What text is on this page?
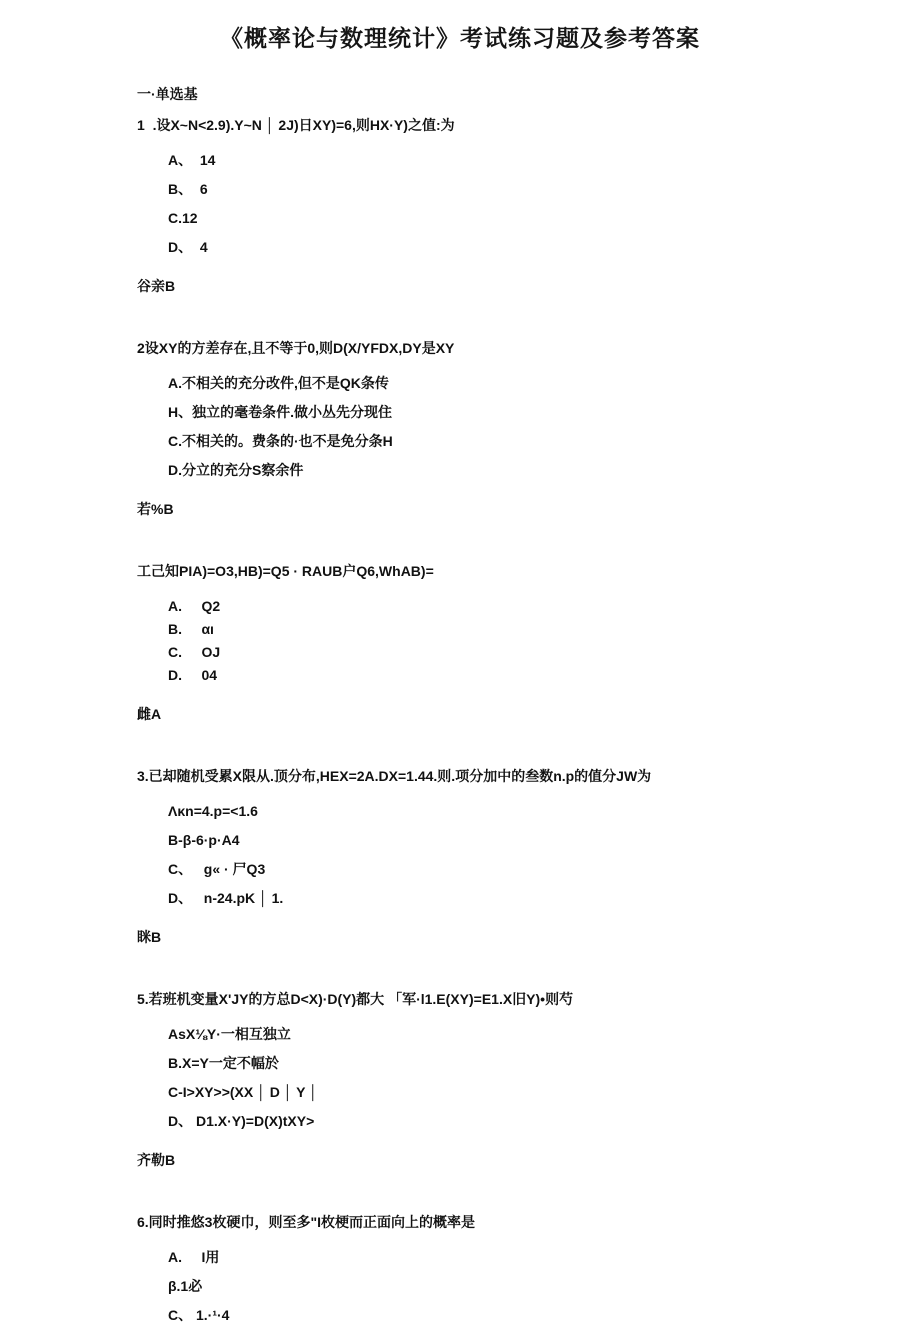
《概率论与数理统计》考试练习题及参考答案

一·单选基

1  .设X~N<2.9).Y~N │ 2J)日XY)=6,则HX·Y)之值:为

A、  14

B、  6

C.12

D、  4

谷亲B

2设XY的方差存在,且不等于0,则D(X/YFDX,DY是XY

A.不相关的充分改件,但不是QK条传

H、独立的毫卷条件.做小丛先分现住

C.不相关的。费条的·也不是免分条H

D.分立的充分S察余件

若%B

工己知PIA)=O3,HB)=Q5 · RAUB户Q6,WhAB)=

A.     Q2

B.     αı

C.     OJ

D.     04

雌A

3.已却随机受累X限从.顶分布,HEX=2A.DX=1.44.则.项分加中的叁数n.p的值分JW为

Λκn=4.p=<1.6

B-β-6·p·A4

C、   g« · 尸Q3

D、   n-24.pK │ 1.

眯B

5.若班机变量X'JY的方总D<X)·D(Y)都大 「军·l1.E(XY)=E1.X旧Y)•则芍

AsX⅛Y·一相互独立

B.X=Y一定不幅於

C-I>XY>>(XX │ D │ Y │

D、 D1.X·Y)=D(X)tXY>

齐勒B

6.同时推悠3枚硬巾，则至多"I枚梗而正面向上的概率是

A.     I用

β.1必

C、 1.·¹·4
